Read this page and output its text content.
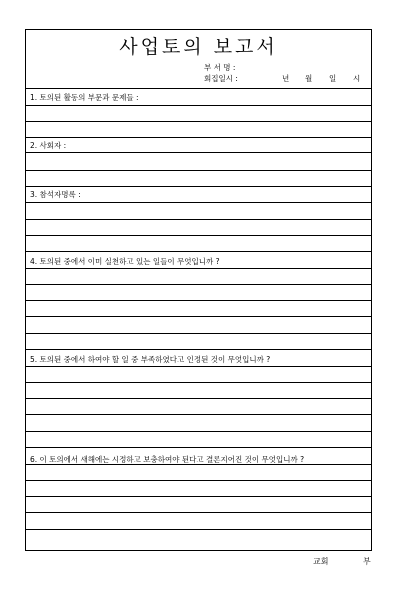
사업토의 보고서
부 서 명 :
회집일시 :	년 월 일 시
1. 토의된 활동의 부문과 문제들 :
2. 사회자 :
3. 참석자명록 :
4. 토의된 중에서 이미 실천하고 있는 일들이 무엇입니까 ?
5. 토의된 중에서 하여야 할 일 중 부족하였다고 인정된 것이 무엇입니까 ?
6. 이 토의에서 새해에는 시정하고 보충하여야 된다고 결론지어진 것이 무엇입니까 ?
교회	부
